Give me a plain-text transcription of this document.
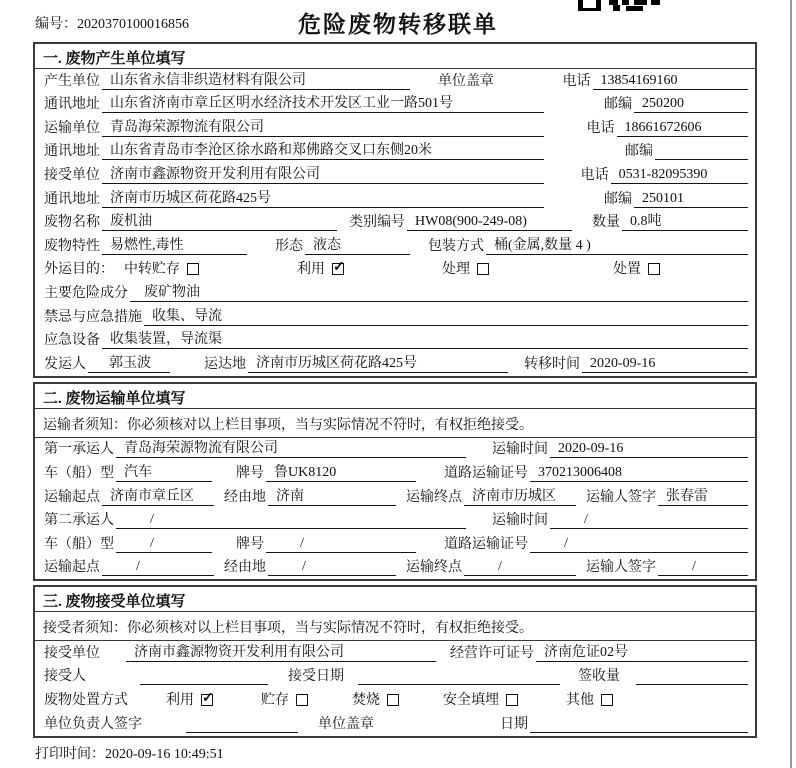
编号：2020370100016856	危险废物转移联单
一. 废物产生单位填写
产生单位 山东省永信非织造材料有限公司	单位盖章	电话 13854169160
通讯地址 山东省济南市章丘区明水经济技术开发区工业一路501号	邮编 250200
运输单位 青岛海荣源物流有限公司	电话 18661672606
通讯地址 山东省青岛市李沧区徐水路和郑佛路交叉口东侧20米	邮编
接受单位 济南市鑫源物资开发利用有限公司	电话 0531-82095390
通讯地址 济南市历城区荷花路425号	邮编 250101
废物名称 废机油	类别编号 HW08(900-249-08)	数量 0.8吨
废物特性 易燃性,毒性	形态 液态	包装方式 桶(金属,数量 4 )
外运目的： 中转贮存	利用 ✓	处理	处置
主要危险成分	废矿物油
禁忌与应急措施 收集、导流
应急设备 收集装置，导流渠
发运人	郭玉波	运达地 济南市历城区荷花路425号	转移时间 2020-09-16
二. 废物运输单位填写
运输者须知：你必须核对以上栏目事项，当与实际情况不符时，有权拒绝接受。
第一承运人 青岛海荣源物流有限公司	运输时间 2020-09-16
车（船）型 汽车	牌号 鲁UK8120	道路运输证号 370213006408
运输起点 济南市章丘区	经由地 济南	运输终点 济南市历城区	运输人签字 张春雷
第二承运人	/	运输时间	/
车（船）型	/	牌号	/	道路运输证号	/
运输起点	/	经由地	/	运输终点	/	运输人签字	/
三. 废物接受单位填写
接受者须知：你必须核对以上栏目事项，当与实际情况不符时，有权拒绝接受。
接受单位	济南市鑫源物资开发利用有限公司	经营许可证号 济南危证02号
接受人	接受日期	签收量
废物处置方式	利用 ✓	贮存	焚烧	安全填埋	其他
单位负责人签字	单位盖章	日期
打印时间：2020-09-16 10:49:51
